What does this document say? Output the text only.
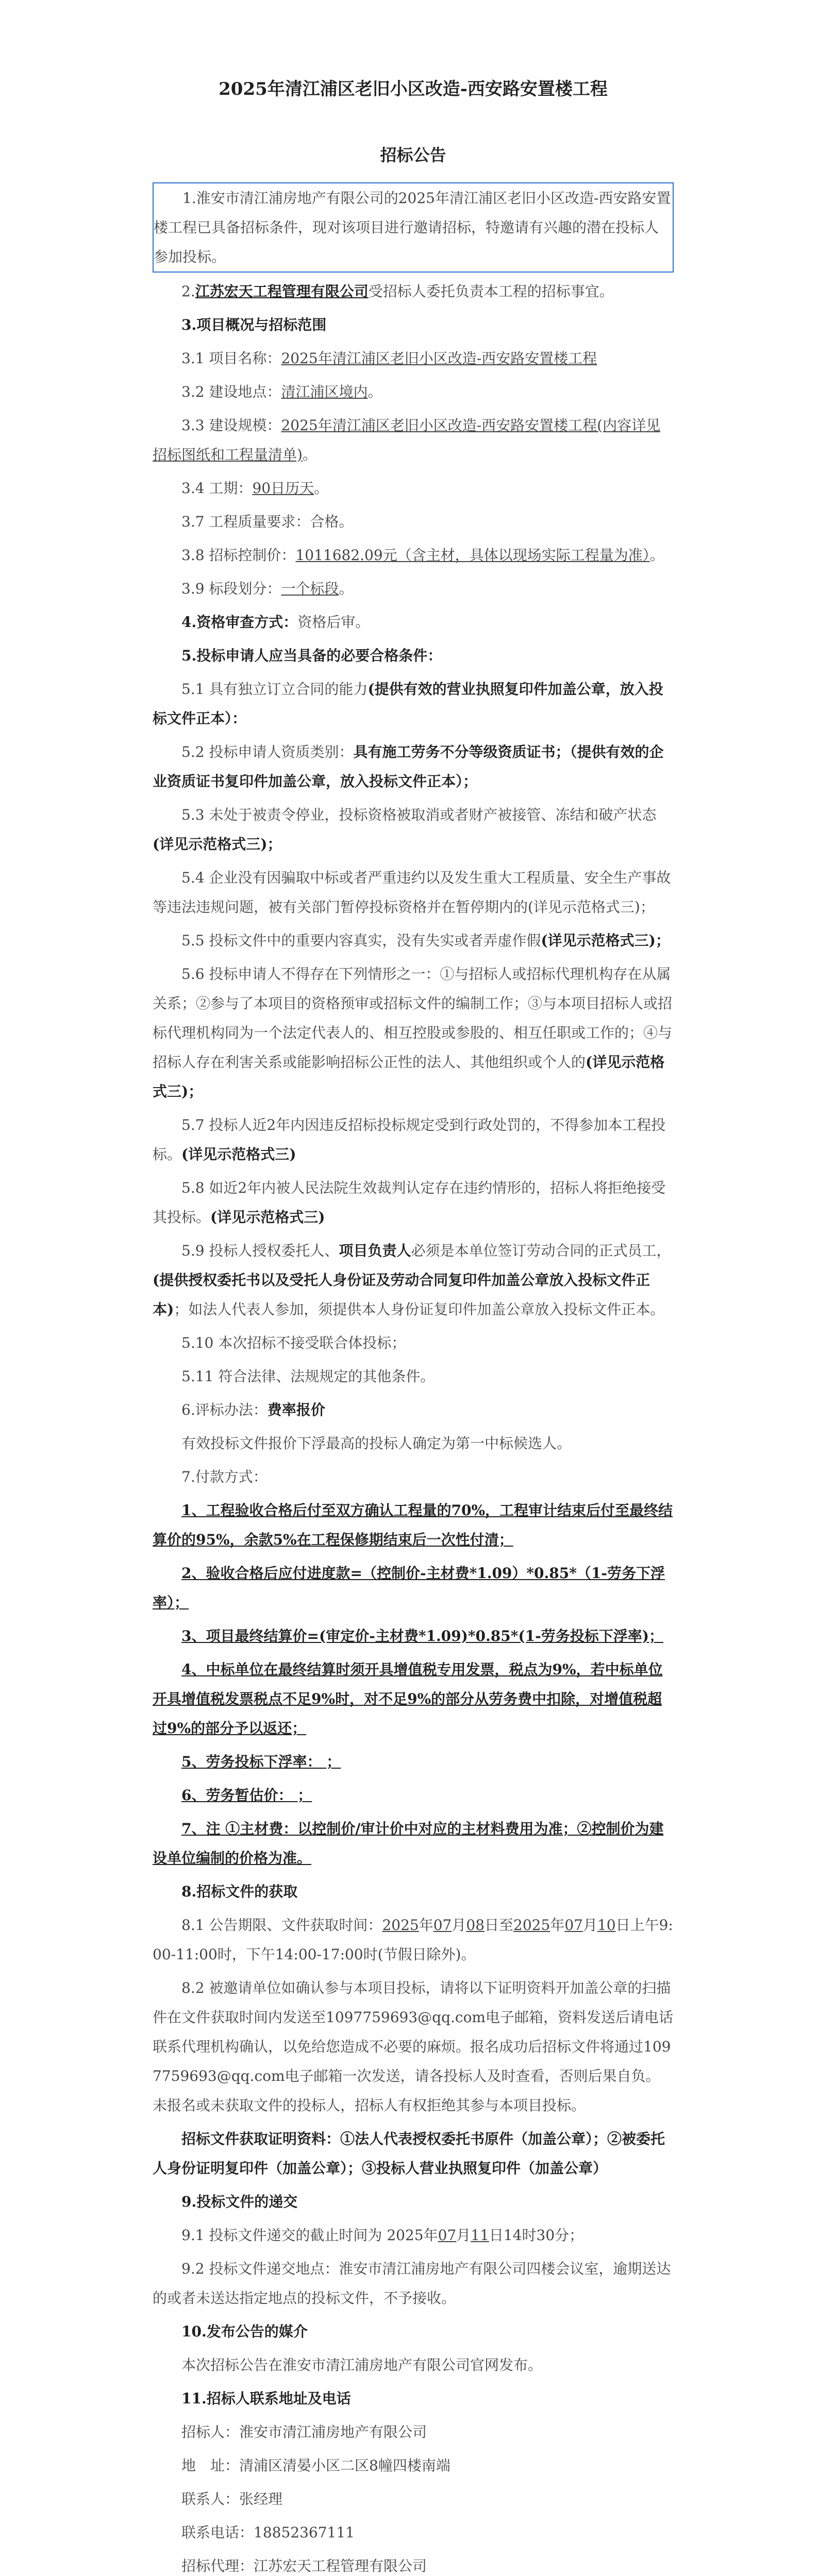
2025年清江浦区老旧小区改造-西安路安置楼工程
招标公告

1.淮安市清江浦房地产有限公司的2025年清江浦区老旧小区改造-西安路安置楼工程已具备招标条件，现对该项目进行邀请招标，特邀请有兴趣的潜在投标人参加投标。

2.江苏宏天工程管理有限公司受招标人委托负责本工程的招标事宜。

3.项目概况与招标范围

3.1 项目名称：2025年清江浦区老旧小区改造-西安路安置楼工程

3.2 建设地点：清江浦区境内。

3.3 建设规模：2025年清江浦区老旧小区改造-西安路安置楼工程(内容详见招标图纸和工程量清单)。

3.4 工期：90日历天。

3.7 工程质量要求：合格。

3.8 招标控制价：1011682.09元（含主材，具体以现场实际工程量为准）。

3.9 标段划分：一个标段。

4.资格审查方式：资格后审。

5.投标申请人应当具备的必要合格条件：

5.1 具有独立订立合同的能力(提供有效的营业执照复印件加盖公章，放入投标文件正本）：

5.2 投标申请人资质类别：具有施工劳务不分等级资质证书；（提供有效的企业资质证书复印件加盖公章，放入投标文件正本）；

5.3 未处于被责令停业，投标资格被取消或者财产被接管、冻结和破产状态(详见示范格式三)；

5.4 企业没有因骗取中标或者严重违约以及发生重大工程质量、安全生产事故等违法违规问题，被有关部门暂停投标资格并在暂停期内的(详见示范格式三)；

5.5 投标文件中的重要内容真实，没有失实或者弄虚作假(详见示范格式三)；

5.6 投标申请人不得存在下列情形之一：①与招标人或招标代理机构存在从属关系；②参与了本项目的资格预审或招标文件的编制工作；③与本项目招标人或招标代理机构同为一个法定代表人的、相互控股或参股的、相互任职或工作的；④与招标人存在利害关系或能影响招标公正性的法人、其他组织或个人的(详见示范格式三)；

5.7 投标人近2年内因违反招标投标规定受到行政处罚的，不得参加本工程投标。(详见示范格式三)

5.8 如近2年内被人民法院生效裁判认定存在违约情形的，招标人将拒绝接受其投标。(详见示范格式三)

5.9 投标人授权委托人、项目负责人必须是本单位签订劳动合同的正式员工，(提供授权委托书以及受托人身份证及劳动合同复印件加盖公章放入投标文件正本)；如法人代表人参加，须提供本人身份证复印件加盖公章放入投标文件正本。

5.10 本次招标不接受联合体投标；

5.11 符合法律、法规规定的其他条件。

6.评标办法：费率报价

有效投标文件报价下浮最高的投标人确定为第一中标候选人。

7.付款方式：

1、工程验收合格后付至双方确认工程量的70%，工程审计结束后付至最终结算价的95%，余款5%在工程保修期结束后一次性付清；

2、验收合格后应付进度款=（控制价-主材费*1.09）*0.85*（1-劳务下浮率）；

3、项目最终结算价=(审定价-主材费*1.09)*0.85*(1-劳务投标下浮率)；

4、中标单位在最终结算时须开具增值税专用发票，税点为9%，若中标单位开具增值税发票税点不足9%时，对不足9%的部分从劳务费中扣除，对增值税超过9%的部分予以返还；

5、劳务投标下浮率： ；

6、劳务暂估价： ；

7、注 ①主材费：以控制价/审计价中对应的主材料费用为准；②控制价为建设单位编制的价格为准。

8.招标文件的获取

8.1 公告期限、文件获取时间：2025年07月08日至2025年07月10日上午9:00-11:00时，下午14:00-17:00时(节假日除外)。

8.2 被邀请单位如确认参与本项目投标，请将以下证明资料开加盖公章的扫描件在文件获取时间内发送至1097759693@qq.com电子邮箱，资料发送后请电话联系代理机构确认，以免给您造成不必要的麻烦。报名成功后招标文件将通过1097759693@qq.com电子邮箱一次发送，请各投标人及时查看，否则后果自负。未报名或未获取文件的投标人，招标人有权拒绝其参与本项目投标。

招标文件获取证明资料：①法人代表授权委托书原件（加盖公章）；②被委托人身份证明复印件（加盖公章）；③投标人营业执照复印件（加盖公章）

9.投标文件的递交

9.1 投标文件递交的截止时间为 2025年07月11日14时30分；

9.2 投标文件递交地点：淮安市清江浦房地产有限公司四楼会议室，逾期送达的或者未送达指定地点的投标文件，不予接收。

10.发布公告的媒介

本次招标公告在淮安市清江浦房地产有限公司官网发布。

11.招标人联系地址及电话

招标人：淮安市清江浦房地产有限公司

地　址：清浦区清晏小区二区8幢四楼南端

联系人：张经理

联系电话：18852367111

招标代理：江苏宏天工程管理有限公司
